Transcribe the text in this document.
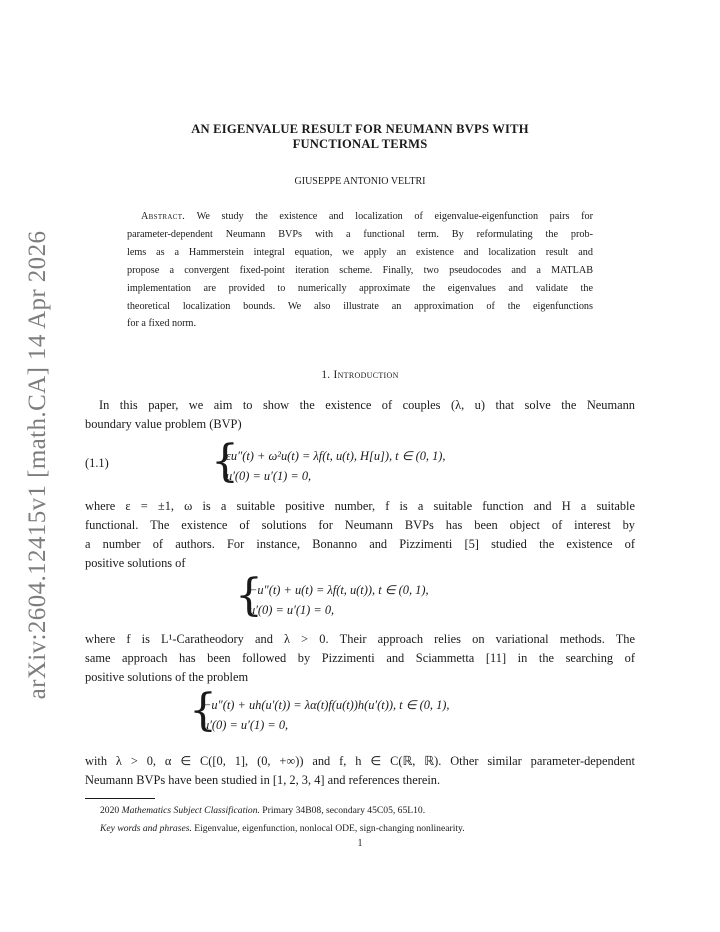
arXiv:2604.12415v1 [math.CA] 14 Apr 2026
AN EIGENVALUE RESULT FOR NEUMANN BVPS WITH
FUNCTIONAL TERMS
GIUSEPPE ANTONIO VELTRI
Abstract. We study the existence and localization of eigenvalue-eigenfunction pairs for
parameter-dependent Neumann BVPs with a functional term. By reformulating the prob-
lems as a Hammerstein integral equation, we apply an existence and localization result and
propose a convergent fixed-point iteration scheme. Finally, two pseudocodes and a MATLAB
implementation are provided to numerically approximate the eigenvalues and validate the
theoretical localization bounds. We also illustrate an approximation of the eigenfunctions
for a fixed norm.
1. Introduction
In this paper, we aim to show the existence of couples (λ, u) that solve the Neumann
boundary value problem (BVP)
(1.1) {
εu″(t) + ω²u(t) = λf(t, u(t), H[u]), t ∈ (0, 1),
u′(0) = u′(1) = 0,
where ε = ±1, ω is a suitable positive number, f is a suitable function and H a suitable
functional. The existence of solutions for Neumann BVPs has been object of interest by
a number of authors. For instance, Bonanno and Pizzimenti [5] studied the existence of
positive solutions of
{
−u″(t) + u(t) = λf(t, u(t)), t ∈ (0, 1),
u′(0) = u′(1) = 0,
where f is L¹-Caratheodory and λ > 0. Their approach relies on variational methods. The
same approach has been followed by Pizzimenti and Sciammetta [11] in the searching of
positive solutions of the problem
{
−u″(t) + uh(u′(t)) = λα(t)f(u(t))h(u′(t)), t ∈ (0, 1),
u′(0) = u′(1) = 0,
with λ > 0, α ∈ C([0, 1], (0, +∞)) and f, h ∈ C(ℝ, ℝ). Other similar parameter-dependent
Neumann BVPs have been studied in [1, 2, 3, 4] and references therein.
2020 Mathematics Subject Classification. Primary 34B08, secondary 45C05, 65L10.
Key words and phrases. Eigenvalue, eigenfunction, nonlocal ODE, sign-changing nonlinearity.
1
